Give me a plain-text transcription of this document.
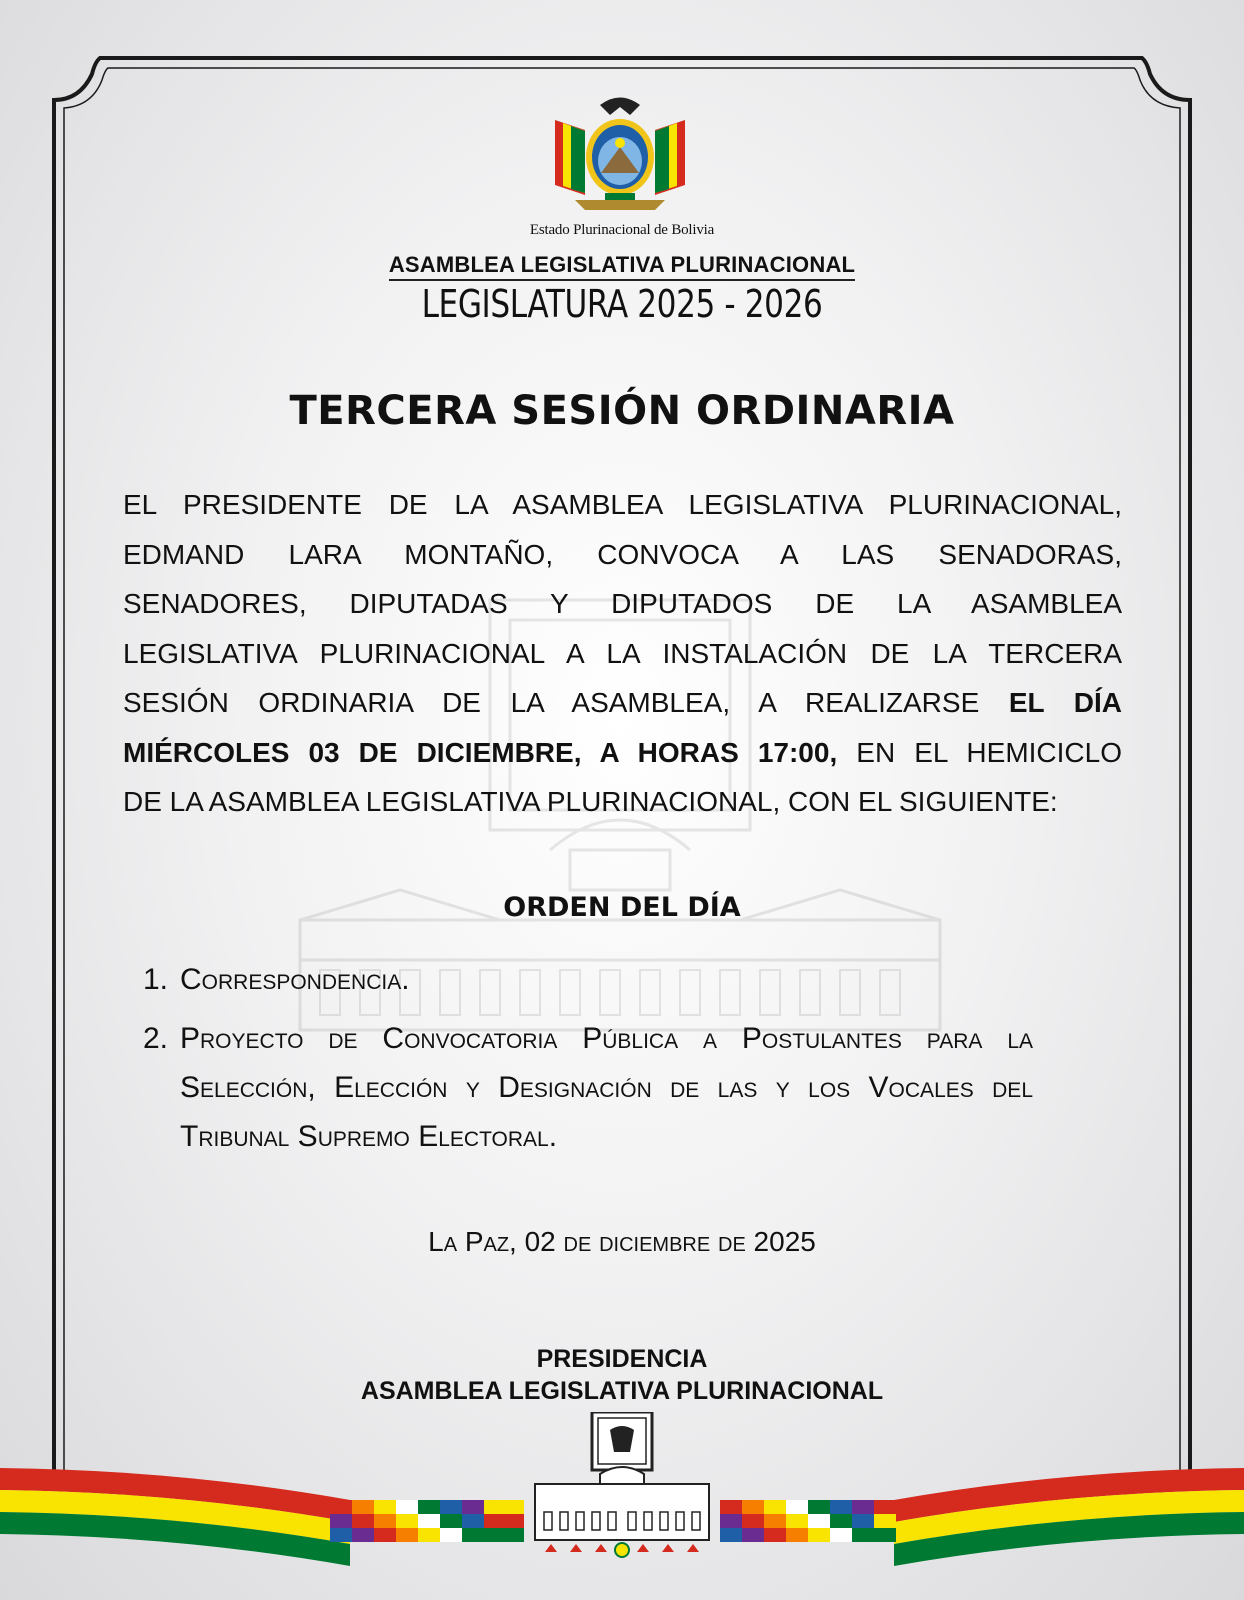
Estado Plurinacional de Bolivia
ASAMBLEA LEGISLATIVA PLURINACIONAL
LEGISLATURA 2025 - 2026
TERCERA SESIÓN ORDINARIA
EL PRESIDENTE DE LA ASAMBLEA LEGISLATIVA PLURINACIONAL,
EDMAND LARA MONTAÑO, CONVOCA A LAS SENADORAS,
SENADORES, DIPUTADAS Y DIPUTADOS DE LA ASAMBLEA
LEGISLATIVA PLURINACIONAL A LA INSTALACIÓN DE LA TERCERA
SESIÓN ORDINARIA DE LA ASAMBLEA, A REALIZARSE EL DÍA
MIÉRCOLES 03 DE DICIEMBRE, A HORAS 17:00, EN EL HEMICICLO
DE LA ASAMBLEA LEGISLATIVA PLURINACIONAL, CON EL SIGUIENTE:
ORDEN DEL DÍA
1. Correspondencia.
2. Proyecto de Convocatoria Pública a Postulantes para la Selección, Elección y Designación de las y los Vocales del Tribunal Supremo Electoral.
La Paz, 02 de diciembre de 2025
PRESIDENCIA
ASAMBLEA LEGISLATIVA PLURINACIONAL
